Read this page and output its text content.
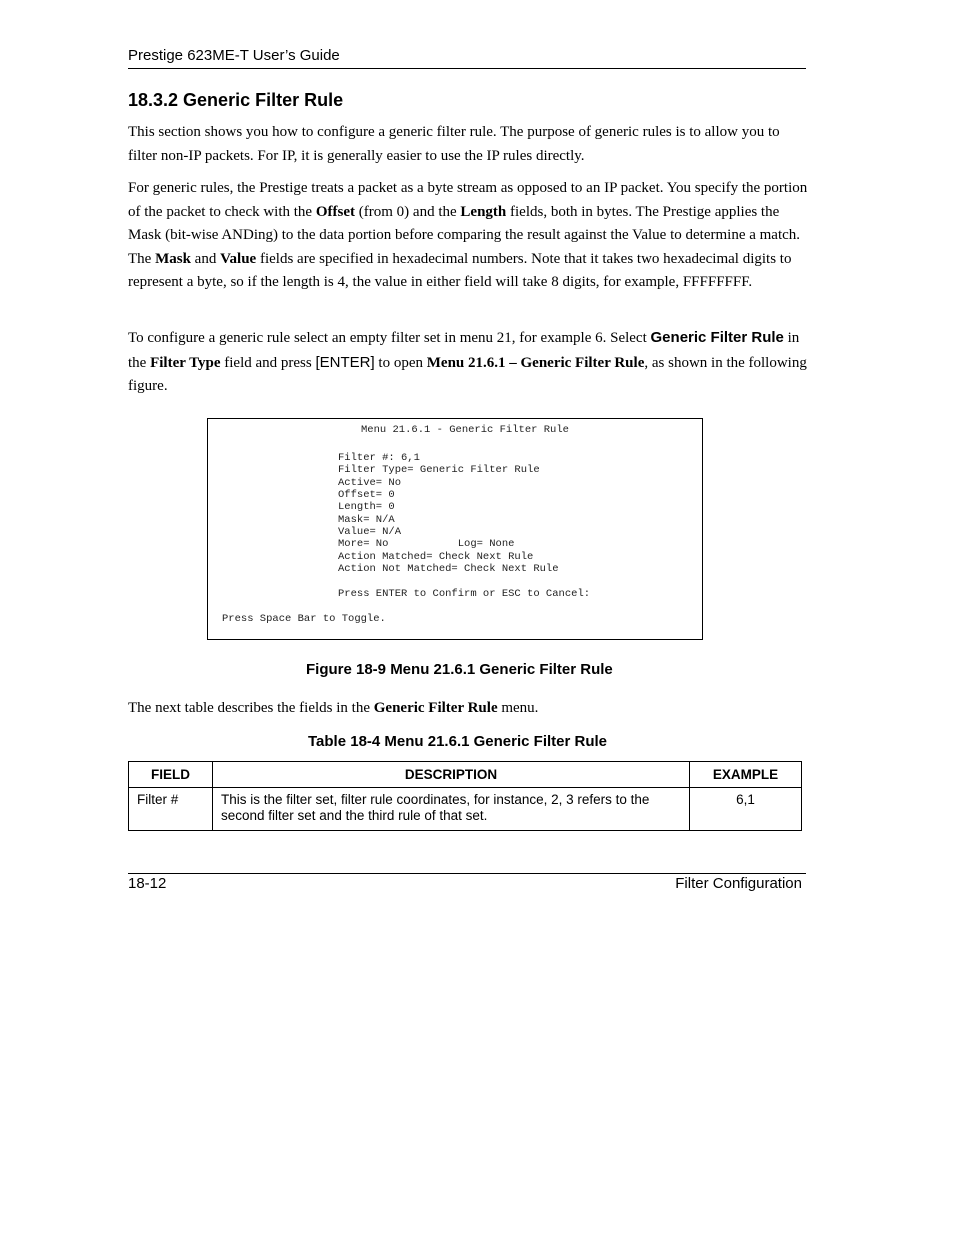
Prestige 623ME-T User’s Guide
18.3.2 Generic Filter Rule
This section shows you how to configure a generic filter rule. The purpose of generic rules is to allow you to filter non-IP packets. For IP, it is generally easier to use the IP rules directly.
For generic rules, the Prestige treats a packet as a byte stream as opposed to an IP packet. You specify the portion of the packet to check with the Offset (from 0) and the Length fields, both in bytes. The Prestige applies the Mask (bit-wise ANDing) to the data portion before comparing the result against the Value to determine a match. The Mask and Value fields are specified in hexadecimal numbers. Note that it takes two hexadecimal digits to represent a byte, so if the length is 4, the value in either field will take 8 digits, for example, FFFFFFFF.
To configure a generic rule select an empty filter set in menu 21, for example 6. Select Generic Filter Rule in the Filter Type field and press [ENTER] to open Menu 21.6.1 – Generic Filter Rule, as shown in the following figure.
Menu 21.6.1 - Generic Filter Rule
Filter #: 6,1
Filter Type= Generic Filter Rule
Active= No
Offset= 0
Length= 0
Mask= N/A
Value= N/A
More= No           Log= None
Action Matched= Check Next Rule
Action Not Matched= Check Next Rule
Press ENTER to Confirm or ESC to Cancel:
Press Space Bar to Toggle.
Figure 18-9 Menu 21.6.1 Generic Filter Rule
The next table describes the fields in the Generic Filter Rule menu.
Table 18-4 Menu 21.6.1 Generic Filter Rule
FIELD	DESCRIPTION	EXAMPLE

Filter #	This is the filter set, filter rule coordinates, for instance, 2, 3 refers to the second filter set and the third rule of that set.	6,1
18-12	Filter Configuration
